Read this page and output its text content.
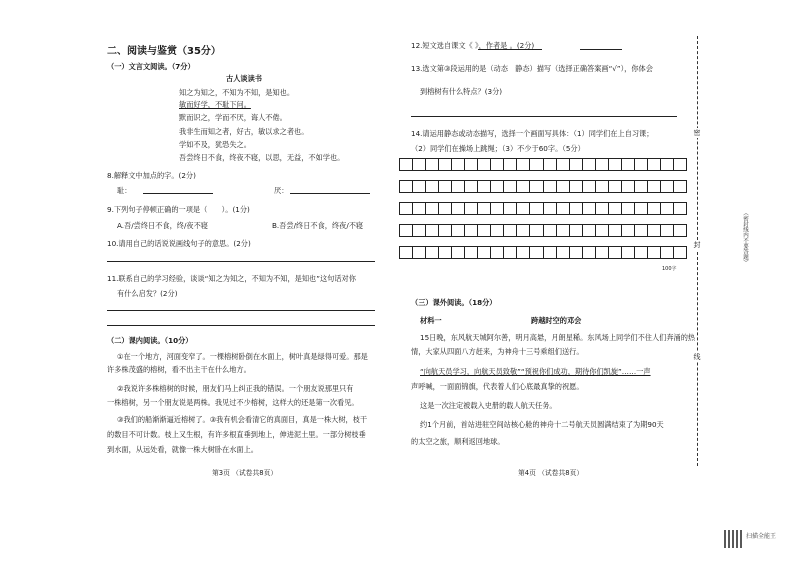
二、阅读与鉴赏（35分）
（一）文言文阅读。（7分）
古人谈读书
知之为知之，不知为不知，是知也。
敏而好学，不耻下问。
默而识之，学而不厌，诲人不倦。
我非生而知之者，好古，敏以求之者也。
学如不及，犹恐失之。
吾尝终日不食，终夜不寝，以思，无益，不如学也。
8.解释文中加点的字。(2分)
耻：	厌：
9.下列句子停顿正确的一项是（　　）。(1分)
A.吾/尝终日不食，终/夜不寝	B.吾尝/终日不食，终夜/不寝
10.请用自己的话说说画线句子的意思。(2分)
11.联系自己的学习经验，谈谈“知之为知之，不知为不知，是知也”这句话对你
有什么启发？(2分)
（二）课内阅读。（10分）
①在一个地方，河面变窄了。一棵榕树卧倒在水面上，树叶真是绿得可爱。那是
许多株茂盛的榕树，看不出主干在什么地方。
②我说许多株榕树的时候，朋友们马上纠正我的错误。一个朋友说那里只有
一株榕树，另一个朋友说是两株。我见过不少榕树，这样大的还是第一次看见。
③我们的船渐渐逼近榕树了。③我有机会看清它的真面目，真是一株大树，枝干
的数目不可计数。枝上又生根，有许多根直垂到地上，伸进泥土里。一部分树枝垂
到水面，从远处看，就像一株大树卧在水面上。
第3页 （试卷共8页）
12.短文选自课文《 》，作者是 。(2分)
13.选文第③段运用的是（动态　静态）描写（选择正确答案画“√”），你体会
到榕树有什么特点？(3分)
14.请运用静态或动态描写，选择一个画面写具体：（1）同学们在上自习课；
（2）同学们在操场上跳绳；（3）不少于60字。（5分）
100字
（三）课外阅读。（18分）
材料一	跨越时空的邓会
15日晚，东风航天城阿尔善，明月高悬，月朗星稀。东风场上同学们不住人们奔涌的热
情，大家从四面八方赶来，为神舟十三号乘组们送行。
“向航天员学习，向航天员致敬”“预祝你们成功，期待你们凯旋”……一声
声呼喊，一面面锦旗，代表着人们心底最真挚的祝愿。
这是一次注定被载入史册的载人航天任务。
约1个月前，首站进驻空间站核心舱的神舟十二号航天员圆满结束了为期90天
的太空之旅，顺利返回地球。
第4页 （试卷共8页）
密
封
线
（密封线内不要答题）
扫描全能王
